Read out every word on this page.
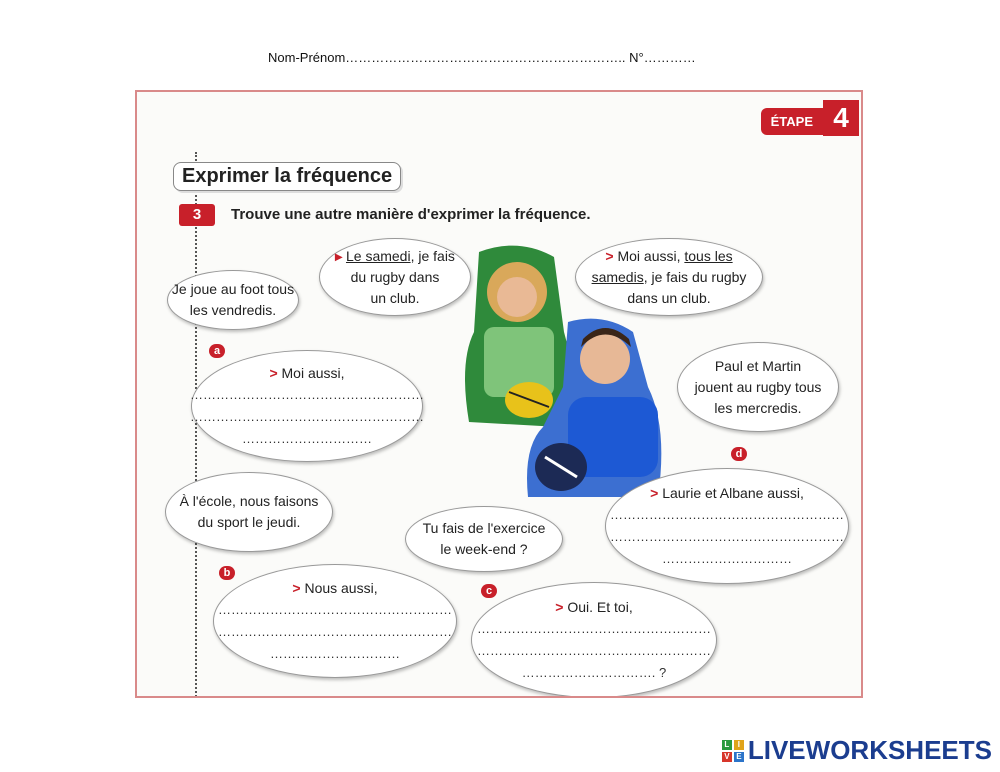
Nom-Prénom……………………………………………………….. N°…………
ÉTAPE 4
Exprimer la fréquence
3	Trouve une autre manière d'exprimer la fréquence.
Je joue au foot tous
les vendredis.
▸ Le samedi, je fais
du rugby dans
un club.
> Moi aussi, tous les
samedis, je fais du rugby
dans un club.
Paul et Martin
jouent au rugby tous
les mercredis.
À l'école, nous faisons
du sport le jeudi.	Tu fais de l'exercice
le week-end ?
a
> Moi aussi,
………………………………………………
………………………………………………
…………………………
b
> Nous aussi,
………………………………………………
………………………………………………
…………………………
c
> Oui. Et toi,
………………………………………………
………………………………………………
…………………………. ?
d
> Laurie et Albane aussi,
………………………………………………
………………………………………………
…………………………
L	I
V E LIVEWORKSHEETS
